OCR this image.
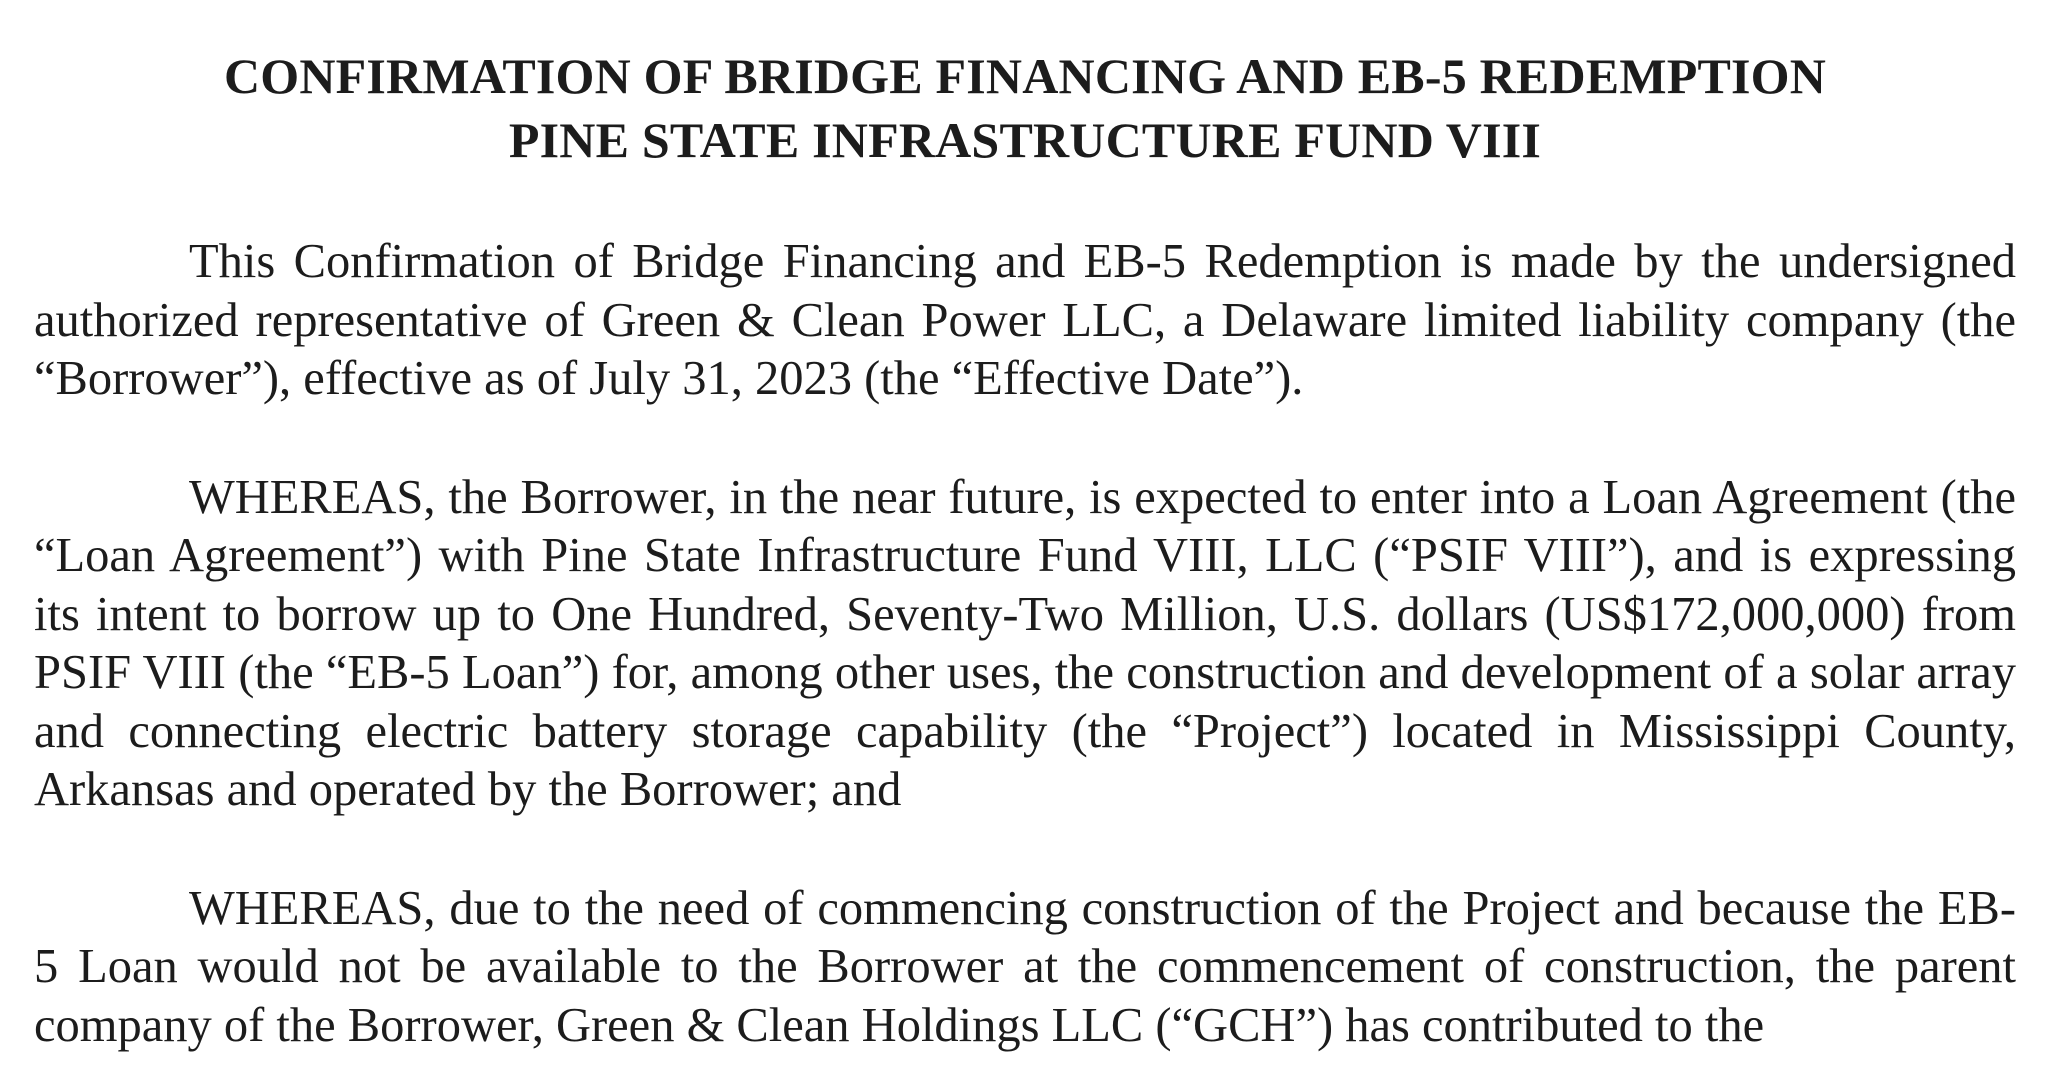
CONFIRMATION OF BRIDGE FINANCING AND EB-5 REDEMPTION
PINE STATE INFRASTRUCTURE FUND VIII

This Confirmation of Bridge Financing and EB-5 Redemption is made by the undersigned authorized representative of Green & Clean Power LLC, a Delaware limited liability company (the “Borrower”), effective as of July 31, 2023 (the “Effective Date”).

WHEREAS, the Borrower, in the near future, is expected to enter into a Loan Agreement (the “Loan Agreement”) with Pine State Infrastructure Fund VIII, LLC (“PSIF VIII”), and is expressing its intent to borrow up to One Hundred, Seventy-Two Million, U.S. dollars (US$172,000,000) from PSIF VIII (the “EB-5 Loan”) for, among other uses, the construction and development of a solar array and connecting electric battery storage capability (the “Project”) located in Mississippi County, Arkansas and operated by the Borrower; and

WHEREAS, due to the need of commencing construction of the Project and because the EB-5 Loan would not be available to the Borrower at the commencement of construction, the parent company of the Borrower, Green & Clean Holdings LLC (“GCH”) has contributed to the
